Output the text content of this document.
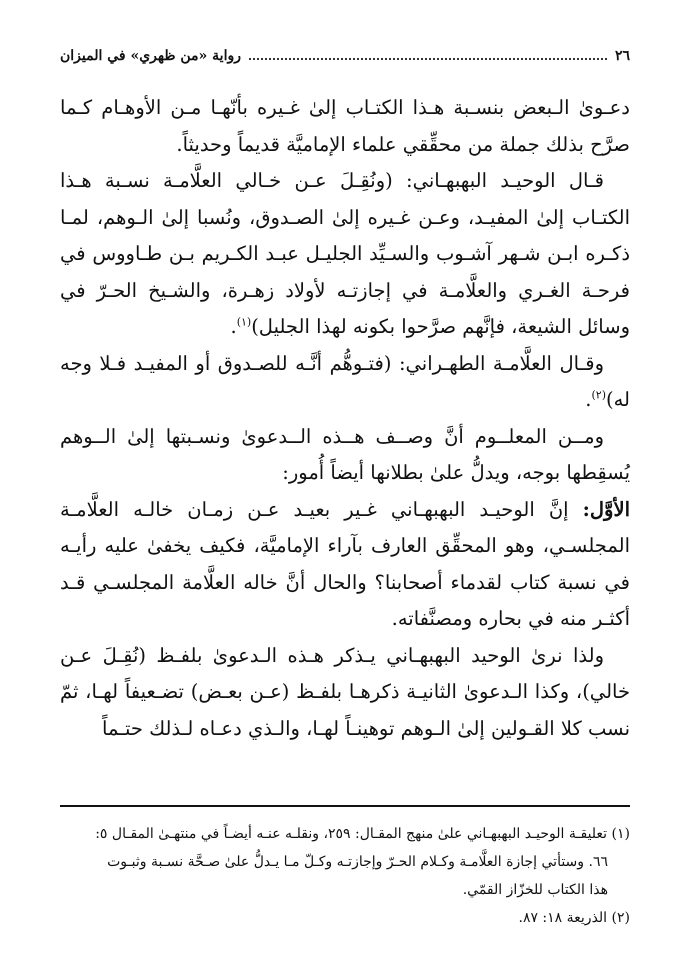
٢٦
رواية «من ظهري» في الميزان

دعـوىٰ الـبعض بنسـبة هـذا الكتـاب إلىٰ غـيره بأنّهـا مـن الأوهـام كـما صرَّح بذلك جملة من محقِّقي علماء الإماميَّة قديماً وحديثاً.

قـال الوحيـد البهبهـاني: (ونُقِـلَ عـن خـالي العلَّامـة نسـبة هـذا الكتـاب إلىٰ المفيـد، وعـن غـيره إلىٰ الصـدوق، ونُسبا إلىٰ الـوهم، لمـا ذكـره ابـن شـهر آشـوب والسـيِّد الجليـل عبـد الكـريم بـن طـاووس في فرحـة الغـري والعلَّامـة في إجازتـه لأولاد زهـرة، والشـيخ الحـرّ في وسائل الشيعة، فإنَّهم صرَّحوا بكونه لهذا الجليل)$^{(١)}$.

وقـال العلَّامـة الطهـراني: (فتـوهُّم أنَّـه للصـدوق أو المفيـد فـلا وجه له)$^{(٢)}$.

ومــن المعلــوم أنَّ وصــف هــذه الــدعوىٰ ونسـبتها إلىٰ الــوهم يُسقِطها بوجه، ويدلُّ علىٰ بطلانها أيضاً أُمور:

الأوَّل: إنَّ الوحيـد البهبهـاني غـير بعيـد عـن زمـان خالـه العلَّامـة المجلسـي، وهو المحقِّق العارف بآراء الإماميَّة، فكيف يخفىٰ عليه رأيـه في نسبة كتاب لقدماء أصحابنا؟ والحال أنَّ خاله العلَّامة المجلسـي قـد أكثـر منه في بحاره ومصنَّفاته.

ولذا نرىٰ الوحيد البهبهـاني يـذكر هـذه الـدعوىٰ بلفـظ (نُقِـلَ عـن خالي)، وكذا الـدعوىٰ الثانيـة ذكرهـا بلفـظ (عـن بعـض) تضـعيفاً لهـا، ثمّ نسب كلا القـولين إلىٰ الـوهم توهينـاً لهـا، والـذي دعـاه لـذلك حتـماً

(١) تعليقـة الوحيـد البهبهـاني علىٰ منهج المقـال: ٢٥٩، ونقلـه عنـه أيضـاً في منتهـىٰ المقـال ٥:

٦٦. وستأتي إجازة العلَّامـة وكـلام الحـرّ وإجازتـه وكـلّ مـا يـدلُّ علىٰ صـحَّة نسـبة وثبـوت

هذا الكتاب للخزّاز القمّي.

(٢) الذريعة ١٨: ٨٧.
